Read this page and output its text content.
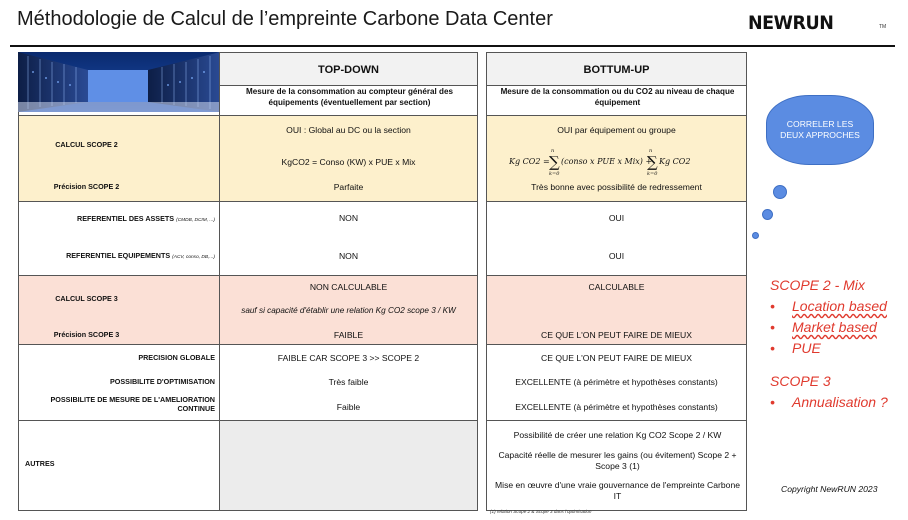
Méthodologie de Calcul de l’empreinte Carbone Data Center	NEWRUN	TM
CALCUL SCOPE 2
Précision SCOPE 2
REFERENTIEL DES ASSETS (CMDB, DCIM, ...)
REFERENTIEL EQUIPEMENTS (ACV, conso, DB,...)
CALCUL SCOPE 3
Précision SCOPE 3
PRECISION GLOBALE
POSSIBILITE D'OPTIMISATION
POSSIBILITE DE MESURE DE L'AMELIORATION CONTINUE
AUTRES
TOP-DOWN
Mesure de la consommation au compteur général des équipements (éventuellement par section)
OUI : Global au DC ou la section
KgCO2 = Conso (KW) x PUE x Mix
Parfaite
NON
NON
NON CALCULABLE
sauf si capacité d'établir une relation Kg CO2 scope 3 / KW
FAIBLE
FAIBLE CAR SCOPE 3 >> SCOPE 2
Très faible
Faible
BOTTUM-UP
Mesure de la consommation ou du CO2 au niveau de chaque équipement
OUI par équipement ou groupe
Kg CO2 = ∑
n
k=0
(conso x PUE x Mix) +
∑
n
k=0
Kg CO2
Très bonne avec possibilité de redressement
OUI
OUI
CALCULABLE
CE QUE L'ON PEUT FAIRE DE MIEUX
CE QUE L'ON PEUT FAIRE DE MIEUX
EXCELLENTE (à périmètre et hypothèses constants)
EXCELLENTE (à périmètre et hypothèses constants)
Possibilité de créer une relation Kg CO2 Scope 2 / KW
Capacité réelle de mesurer les gains (ou évitement) Scope 2 + Scope 3 (1)
Mise en œuvre d'une vraie gouvernance de l'empreinte Carbone IT
(1) relation Scope 2 & Scope 3 dans l'optimisation
CORRELER LES DEUX APPROCHES
SCOPE 2 - Mix
• Location based
• Market based
• PUE
SCOPE 3
• Annualisation ?
Copyright NewRUN 2023
